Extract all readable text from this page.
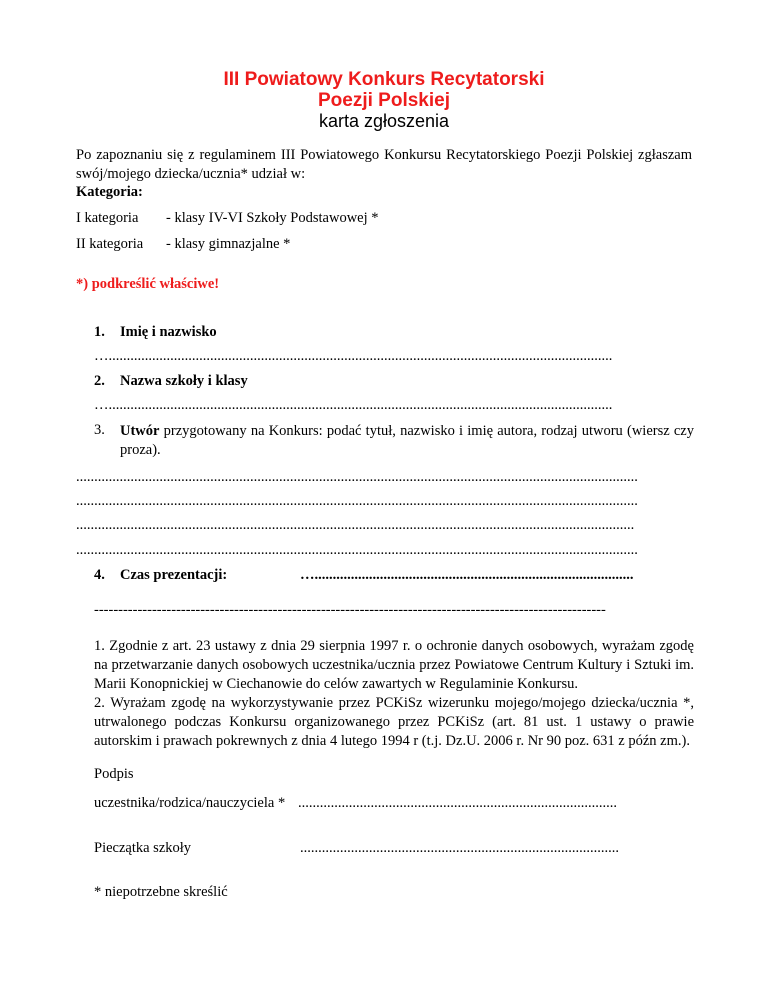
III Powiatowy Konkurs Recytatorski
Poezji Polskiej
karta zgłoszenia
Po zapoznaniu się z regulaminem III Powiatowego Konkursu Recytatorskiego Poezji Polskiej zgłaszam swój/mojego dziecka/ucznia* udział w:
Kategoria:
I kategoria - klasy IV-VI Szkoły Podstawowej *
II kategoria - klasy gimnazjalne *
*) podkreślić właściwe!
1. Imię i nazwisko
…...........................................................................................................................................
2. Nazwa szkoły i klasy
…...........................................................................................................................................
3. Utwór przygotowany na Konkurs: podać tytuł, nazwisko i imię autora, rodzaj utworu (wiersz czy proza).
...........................................................................................................................................................
...........................................................................................................................................................
..........................................................................................................................................................
...........................................................................................................................................................
4. Czas prezentacji:	…........................................................................................
----------------------------------------------------------------------------------------------------------
1. Zgodnie z art. 23 ustawy z dnia 29 sierpnia 1997 r. o ochronie danych osobowych, wyrażam zgodę na przetwarzanie danych osobowych uczestnika/ucznia przez Powiatowe Centrum Kultury i Sztuki im. Marii Konopnickiej w Ciechanowie do celów zawartych w Regulaminie Konkursu.
2. Wyrażam zgodę na wykorzystywanie przez PCKiSz wizerunku mojego/mojego dziecka/ucznia *, utrwalonego podczas Konkursu organizowanego przez PCKiSz (art. 81 ust. 1 ustawy o prawie autorskim i prawach pokrewnych z dnia 4 lutego 1994 r (t.j. Dz.U. 2006 r. Nr 90 poz. 631 z późn zm.).
Podpis
uczestnika/rodzica/nauczyciela * ........................................................................................
Pieczątka szkoły	........................................................................................
* niepotrzebne skreślić
